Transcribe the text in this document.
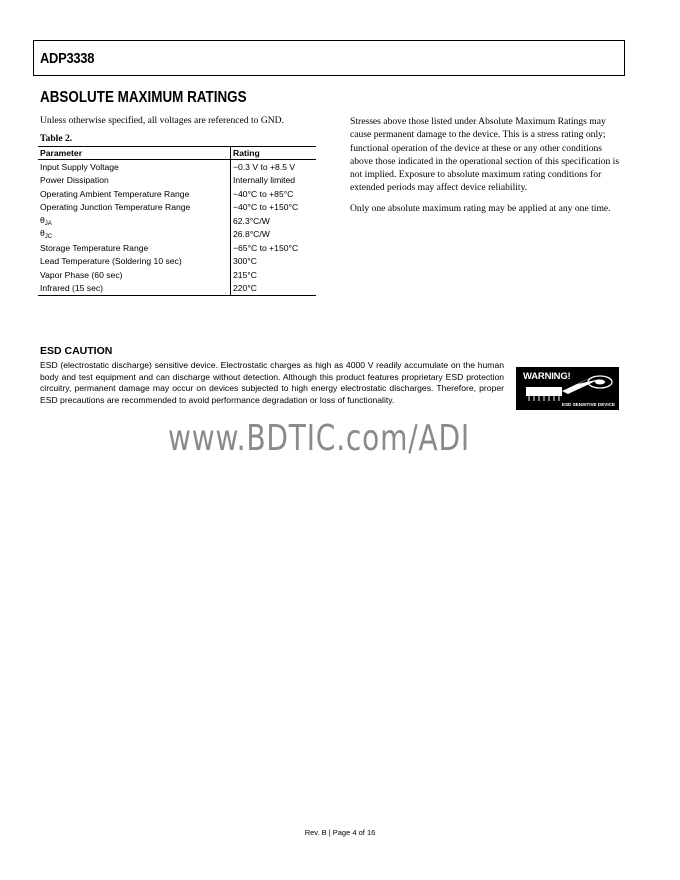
ADP3338
ABSOLUTE MAXIMUM RATINGS
Unless otherwise specified, all voltages are referenced to GND.
Table 2.
Parameter	Rating
Input Supply Voltage	−0.3 V to +8.5 V
Power Dissipation	Internally limited
Operating Ambient Temperature Range	−40°C to +85°C
Operating Junction Temperature Range	−40°C to +150°C
$\theta_{JA}$	62.3°C/W
$\theta_{JC}$	26.8°C/W
Storage Temperature Range	−65°C to +150°C
Lead Temperature (Soldering 10 sec)	300°C
Vapor Phase (60 sec)	215°C
Infrared (15 sec)	220°C

Stresses above those listed under Absolute Maximum Ratings may cause permanent damage to the device. This is a stress rating only; functional operation of the device at these or any other conditions above those indicated in the operational section of this specification is not implied. Exposure to absolute maximum rating conditions for extended periods may affect device reliability.

Only one absolute maximum rating may be applied at any one time.

ESD CAUTION
ESD (electrostatic discharge) sensitive device. Electrostatic charges as high as 4000 V readily accumulate on the human body and test equipment and can discharge without detection. Although this product features proprietary ESD protection circuitry, permanent damage may occur on devices subjected to high energy electrostatic discharges. Therefore, proper ESD precautions are recommended to avoid performance degradation or loss of functionality.
WARNING!
ESD SENSITIVE DEVICE
www.BDTIC.com/ADI
Rev. B | Page 4 of 16
